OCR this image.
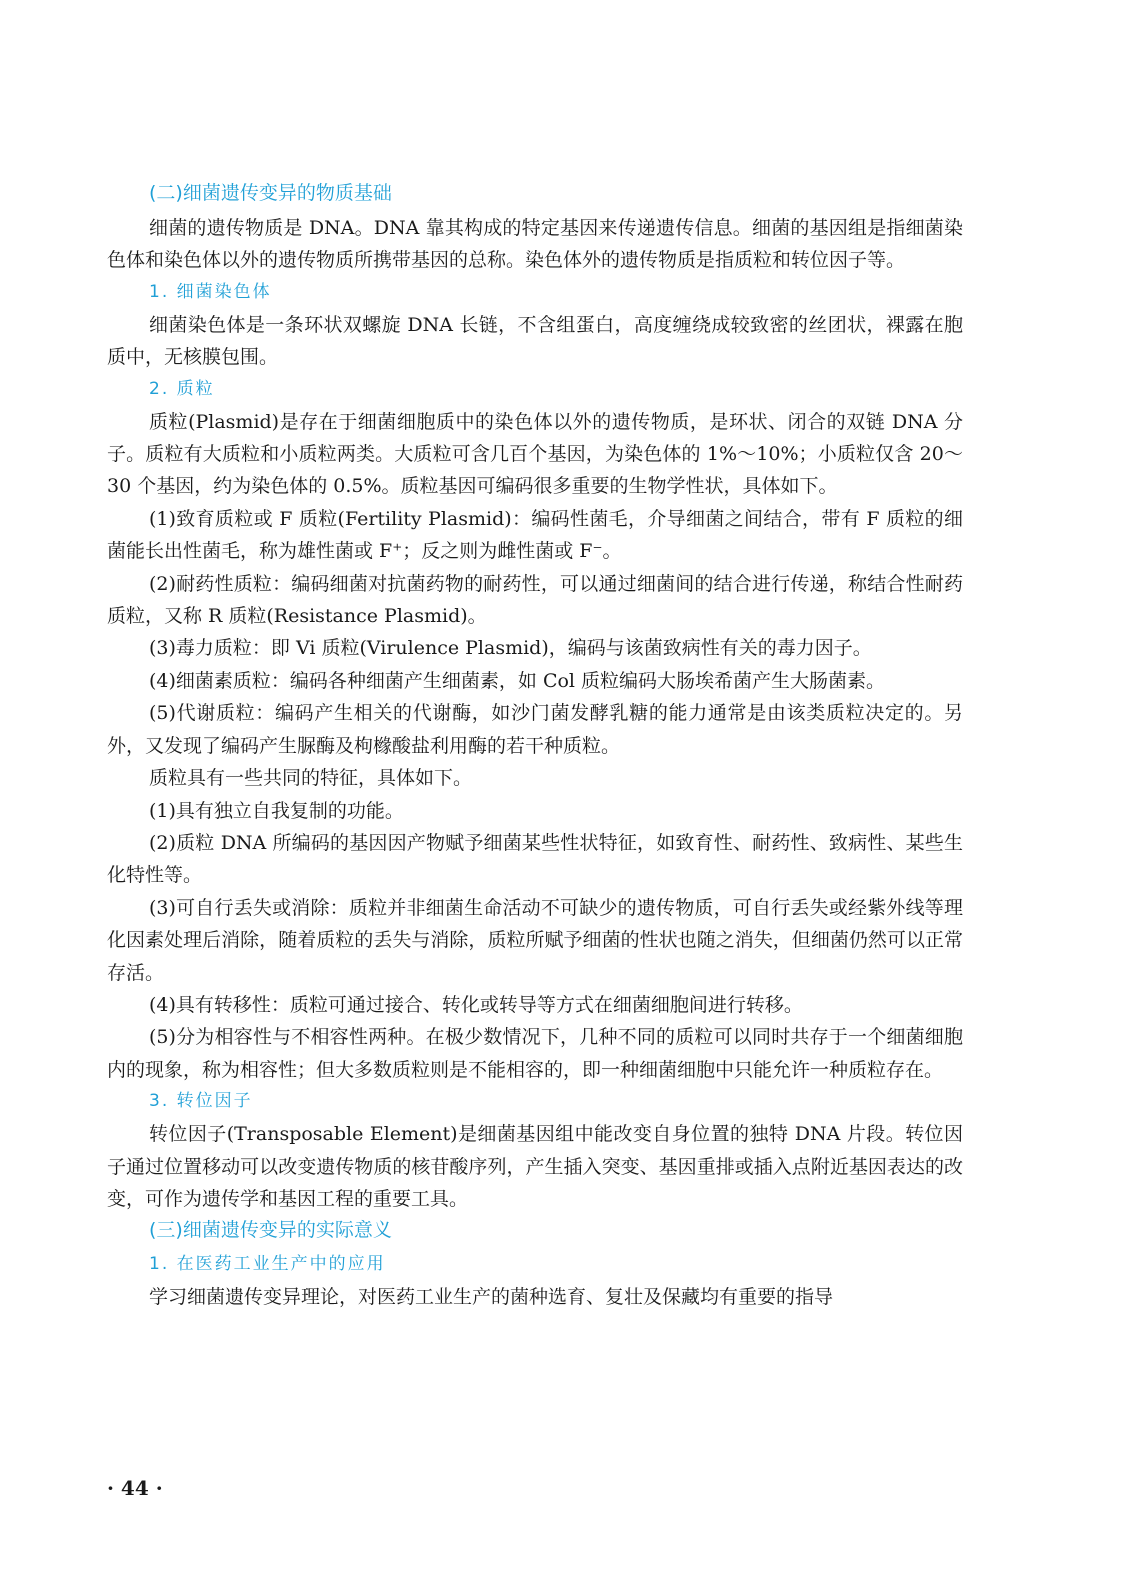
(二)细菌遗传变异的物质基础

细菌的遗传物质是 DNA。DNA 靠其构成的特定基因来传递遗传信息。细菌的基因组是指细菌染色体和染色体以外的遗传物质所携带基因的总称。染色体外的遗传物质是指质粒和转位因子等。

1. 细菌染色体

细菌染色体是一条环状双螺旋 DNA 长链，不含组蛋白，高度缠绕成较致密的丝团状，裸露在胞质中，无核膜包围。

2. 质粒

质粒(Plasmid)是存在于细菌细胞质中的染色体以外的遗传物质，是环状、闭合的双链 DNA 分子。质粒有大质粒和小质粒两类。大质粒可含几百个基因，为染色体的 1%～10%；小质粒仅含 20～30 个基因，约为染色体的 0.5%。质粒基因可编码很多重要的生物学性状，具体如下。

(1)致育质粒或 F 质粒(Fertility Plasmid)：编码性菌毛，介导细菌之间结合，带有 F 质粒的细菌能长出性菌毛，称为雄性菌或 F⁺；反之则为雌性菌或 F⁻。

(2)耐药性质粒：编码细菌对抗菌药物的耐药性，可以通过细菌间的结合进行传递，称结合性耐药质粒，又称 R 质粒(Resistance Plasmid)。

(3)毒力质粒：即 Vi 质粒(Virulence Plasmid)，编码与该菌致病性有关的毒力因子。

(4)细菌素质粒：编码各种细菌产生细菌素，如 Col 质粒编码大肠埃希菌产生大肠菌素。

(5)代谢质粒：编码产生相关的代谢酶，如沙门菌发酵乳糖的能力通常是由该类质粒决定的。另外，又发现了编码产生脲酶及枸橼酸盐利用酶的若干种质粒。

质粒具有一些共同的特征，具体如下。

(1)具有独立自我复制的功能。

(2)质粒 DNA 所编码的基因因产物赋予细菌某些性状特征，如致育性、耐药性、致病性、某些生化特性等。

(3)可自行丢失或消除：质粒并非细菌生命活动不可缺少的遗传物质，可自行丢失或经紫外线等理化因素处理后消除，随着质粒的丢失与消除，质粒所赋予细菌的性状也随之消失，但细菌仍然可以正常存活。

(4)具有转移性：质粒可通过接合、转化或转导等方式在细菌细胞间进行转移。

(5)分为相容性与不相容性两种。在极少数情况下，几种不同的质粒可以同时共存于一个细菌细胞内的现象，称为相容性；但大多数质粒则是不能相容的，即一种细菌细胞中只能允许一种质粒存在。

3. 转位因子

转位因子(Transposable Element)是细菌基因组中能改变自身位置的独特 DNA 片段。转位因子通过位置移动可以改变遗传物质的核苷酸序列，产生插入突变、基因重排或插入点附近基因表达的改变，可作为遗传学和基因工程的重要工具。

(三)细菌遗传变异的实际意义
1. 在医药工业生产中的应用

学习细菌遗传变异理论，对医药工业生产的菌种选育、复壮及保藏均有重要的指导

· 44 ·
